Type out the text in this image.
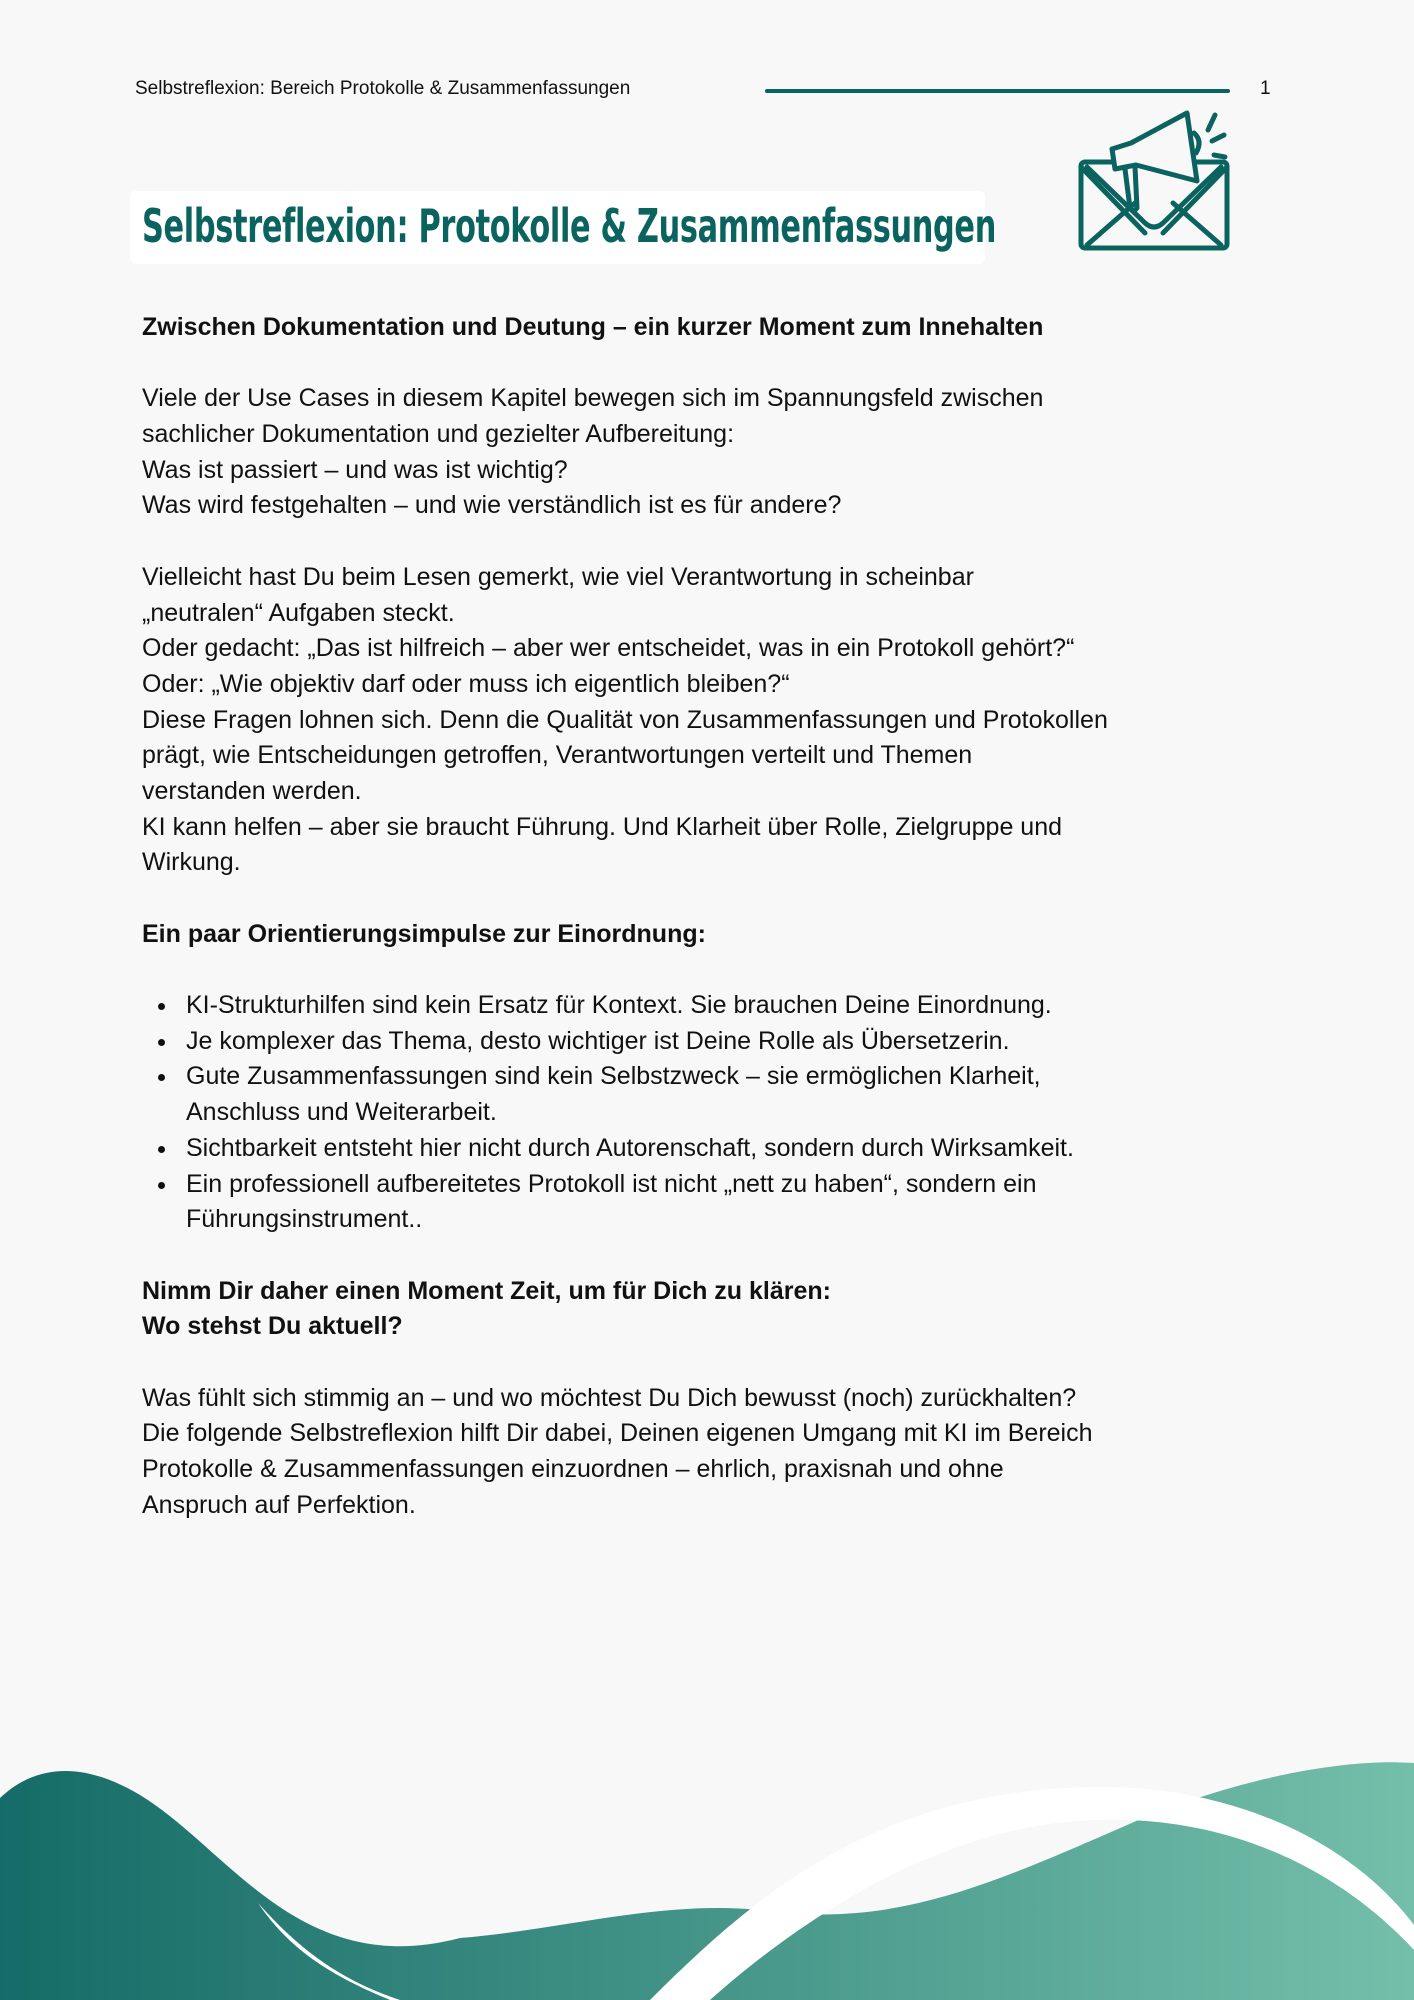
Selbstreflexion: Bereich Protokolle & Zusammenfassungen	1
Selbstreflexion: Protokolle & Zusammenfassungen
Zwischen Dokumentation und Deutung – ein kurzer Moment zum Innehalten
Viele der Use Cases in diesem Kapitel bewegen sich im Spannungsfeld zwischen
sachlicher Dokumentation und gezielter Aufbereitung:
Was ist passiert – und was ist wichtig?
Was wird festgehalten – und wie verständlich ist es für andere?
Vielleicht hast Du beim Lesen gemerkt, wie viel Verantwortung in scheinbar
„neutralen“ Aufgaben steckt.
Oder gedacht: „Das ist hilfreich – aber wer entscheidet, was in ein Protokoll gehört?“
Oder: „Wie objektiv darf oder muss ich eigentlich bleiben?“
Diese Fragen lohnen sich. Denn die Qualität von Zusammenfassungen und Protokollen
prägt, wie Entscheidungen getroffen, Verantwortungen verteilt und Themen
verstanden werden.
KI kann helfen – aber sie braucht Führung. Und Klarheit über Rolle, Zielgruppe und
Wirkung.
Ein paar Orientierungsimpulse zur Einordnung:
KI-Strukturhilfen sind kein Ersatz für Kontext. Sie brauchen Deine Einordnung.
Je komplexer das Thema, desto wichtiger ist Deine Rolle als Übersetzerin.
Gute Zusammenfassungen sind kein Selbstzweck – sie ermöglichen Klarheit,
Anschluss und Weiterarbeit.
Sichtbarkeit entsteht hier nicht durch Autorenschaft, sondern durch Wirksamkeit.
Ein professionell aufbereitetes Protokoll ist nicht „nett zu haben“, sondern ein
Führungsinstrument..
Nimm Dir daher einen Moment Zeit, um für Dich zu klären:
Wo stehst Du aktuell?
Was fühlt sich stimmig an – und wo möchtest Du Dich bewusst (noch) zurückhalten?
Die folgende Selbstreflexion hilft Dir dabei, Deinen eigenen Umgang mit KI im Bereich
Protokolle & Zusammenfassungen einzuordnen – ehrlich, praxisnah und ohne
Anspruch auf Perfektion.
